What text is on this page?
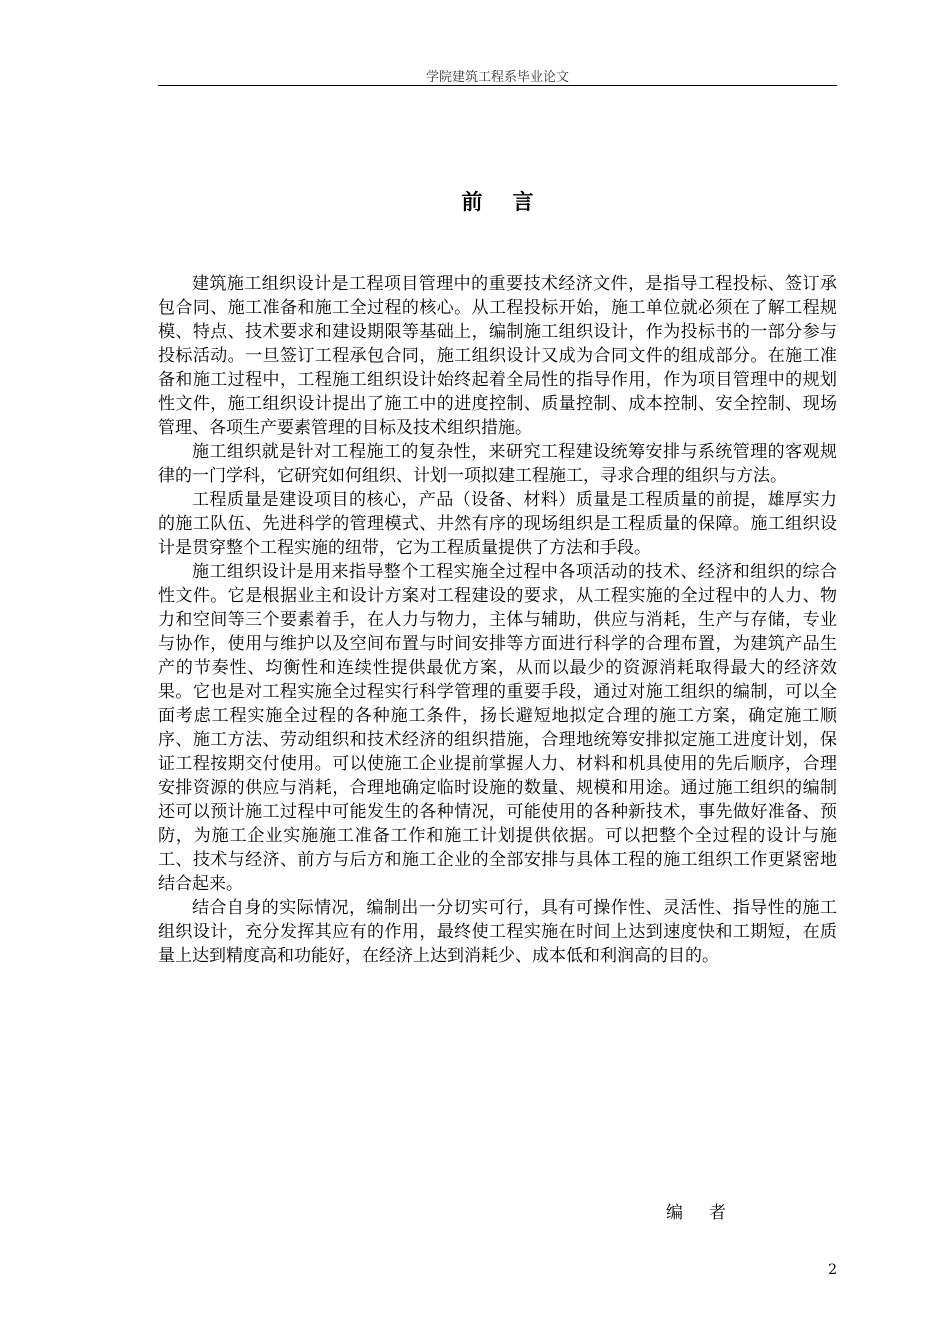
学院建筑工程系毕业论文
前言

建筑施工组织设计是工程项目管理中的重要技术经济文件，是指导工程投标、签订承包合同、施工准备和施工全过程的核心。从工程投标开始，施工单位就必须在了解工程规模、特点、技术要求和建设期限等基础上，编制施工组织设计，作为投标书的一部分参与投标活动。一旦签订工程承包合同，施工组织设计又成为合同文件的组成部分。在施工准备和施工过程中，工程施工组织设计始终起着全局性的指导作用，作为项目管理中的规划性文件，施工组织设计提出了施工中的进度控制、质量控制、成本控制、安全控制、现场管理、各项生产要素管理的目标及技术组织措施。

施工组织就是针对工程施工的复杂性，来研究工程建设统筹安排与系统管理的客观规律的一门学科，它研究如何组织、计划一项拟建工程施工，寻求合理的组织与方法。

工程质量是建设项目的核心，产品（设备、材料）质量是工程质量的前提，雄厚实力的施工队伍、先进科学的管理模式、井然有序的现场组织是工程质量的保障。施工组织设计是贯穿整个工程实施的纽带，它为工程质量提供了方法和手段。

施工组织设计是用来指导整个工程实施全过程中各项活动的技术、经济和组织的综合性文件。它是根据业主和设计方案对工程建设的要求，从工程实施的全过程中的人力、物力和空间等三个要素着手，在人力与物力，主体与辅助，供应与消耗，生产与存储，专业与协作，使用与维护以及空间布置与时间安排等方面进行科学的合理布置，为建筑产品生产的节奏性、均衡性和连续性提供最优方案，从而以最少的资源消耗取得最大的经济效果。它也是对工程实施全过程实行科学管理的重要手段，通过对施工组织的编制，可以全面考虑工程实施全过程的各种施工条件，扬长避短地拟定合理的施工方案，确定施工顺序、施工方法、劳动组织和技术经济的组织措施，合理地统筹安排拟定施工进度计划，保证工程按期交付使用。可以使施工企业提前掌握人力、材料和机具使用的先后顺序，合理安排资源的供应与消耗，合理地确定临时设施的数量、规模和用途。通过施工组织的编制还可以预计施工过程中可能发生的各种情况，可能使用的各种新技术，事先做好准备、预防，为施工企业实施施工准备工作和施工计划提供依据。可以把整个全过程的设计与施工、技术与经济、前方与后方和施工企业的全部安排与具体工程的施工组织工作更紧密地结合起来。

结合自身的实际情况，编制出一分切实可行，具有可操作性、灵活性、指导性的施工组织设计，充分发挥其应有的作用，最终使工程实施在时间上达到速度快和工期短，在质量上达到精度高和功能好，在经济上达到消耗少、成本低和利润高的目的。

编者
2
